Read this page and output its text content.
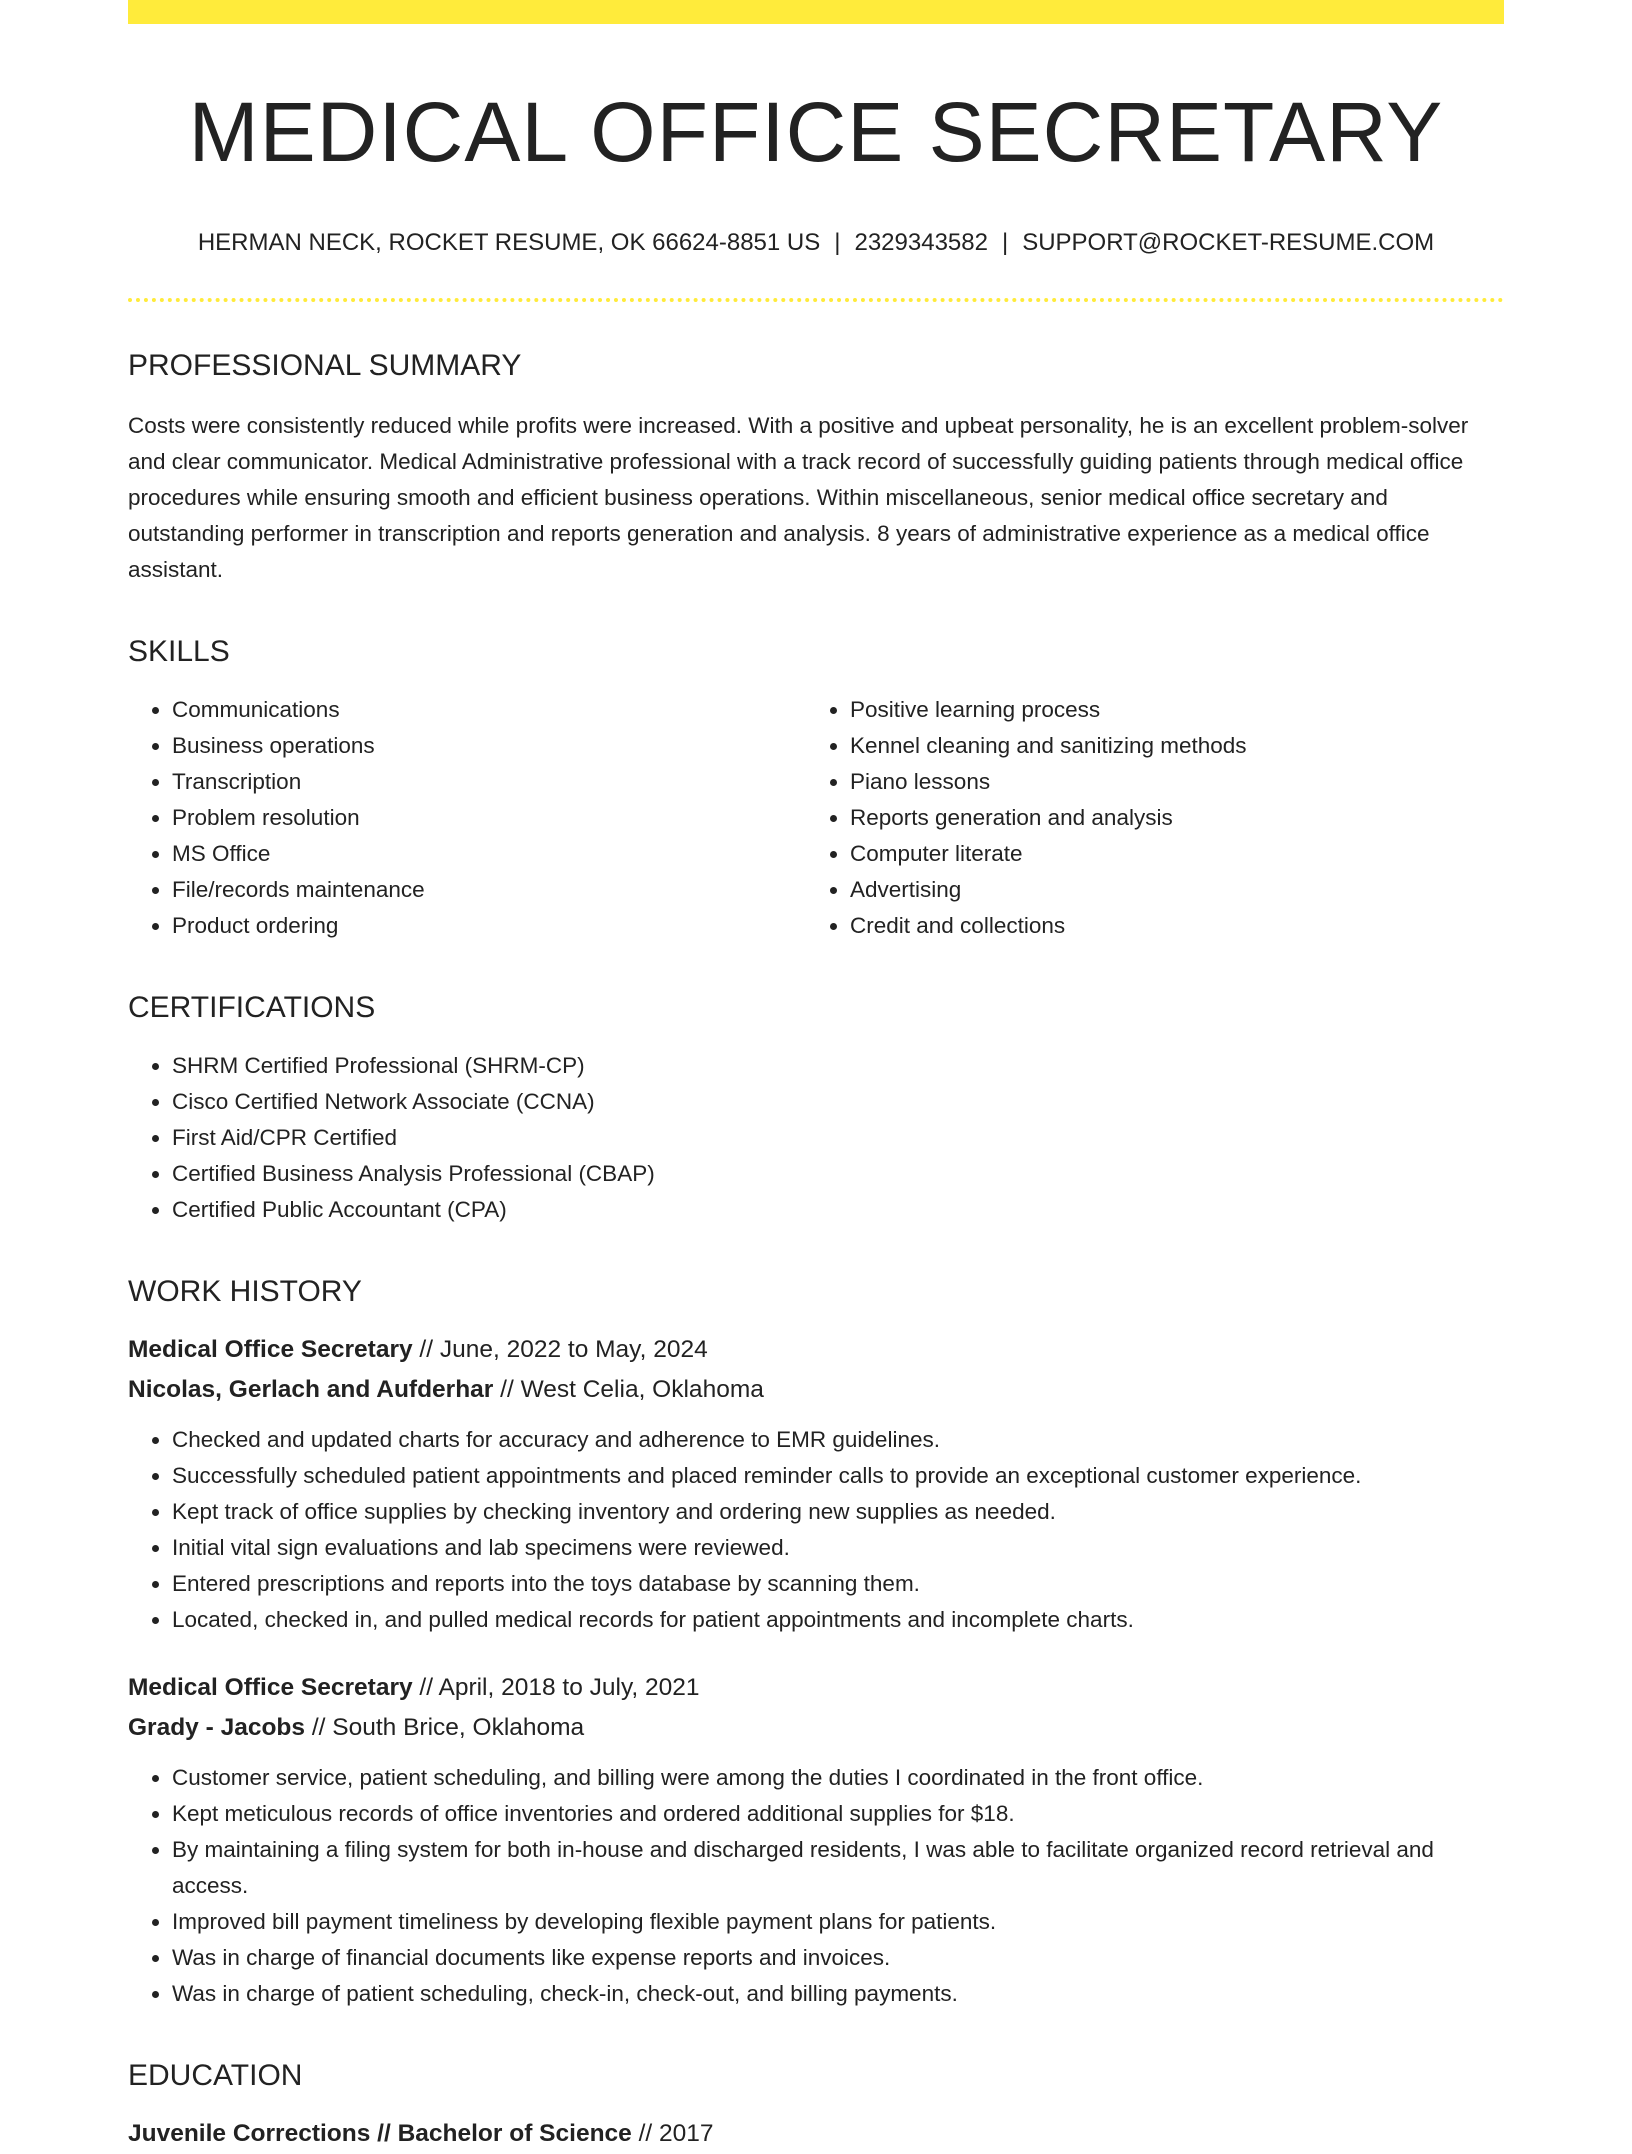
MEDICAL OFFICE SECRETARY
HERMAN NECK, ROCKET RESUME, OK 66624-8851 US | 2329343582 | SUPPORT@ROCKET-RESUME.COM
PROFESSIONAL SUMMARY
Costs were consistently reduced while profits were increased. With a positive and upbeat personality, he is an excellent problem-solver and clear communicator. Medical Administrative professional with a track record of successfully guiding patients through medical office procedures while ensuring smooth and efficient business operations. Within miscellaneous, senior medical office secretary and outstanding performer in transcription and reports generation and analysis. 8 years of administrative experience as a medical office assistant.
SKILLS
• Communications
• Business operations
• Transcription
• Problem resolution
• MS Office
• File/records maintenance
• Product ordering
• Positive learning process
• Kennel cleaning and sanitizing methods
• Piano lessons
• Reports generation and analysis
• Computer literate
• Advertising
• Credit and collections
CERTIFICATIONS
• SHRM Certified Professional (SHRM-CP)
• Cisco Certified Network Associate (CCNA)
• First Aid/CPR Certified
• Certified Business Analysis Professional (CBAP)
• Certified Public Accountant (CPA)
WORK HISTORY
Medical Office Secretary // June, 2022 to May, 2024
Nicolas, Gerlach and Aufderhar // West Celia, Oklahoma
• Checked and updated charts for accuracy and adherence to EMR guidelines.
• Successfully scheduled patient appointments and placed reminder calls to provide an exceptional customer experience.
• Kept track of office supplies by checking inventory and ordering new supplies as needed.
• Initial vital sign evaluations and lab specimens were reviewed.
• Entered prescriptions and reports into the toys database by scanning them.
• Located, checked in, and pulled medical records for patient appointments and incomplete charts.
Medical Office Secretary // April, 2018 to July, 2021
Grady - Jacobs // South Brice, Oklahoma
• Customer service, patient scheduling, and billing were among the duties I coordinated in the front office.
• Kept meticulous records of office inventories and ordered additional supplies for $18.
• By maintaining a filing system for both in-house and discharged residents, I was able to facilitate organized record retrieval and access.
• Improved bill payment timeliness by developing flexible payment plans for patients.
• Was in charge of financial documents like expense reports and invoices.
• Was in charge of patient scheduling, check-in, check-out, and billing payments.
EDUCATION
Juvenile Corrections // Bachelor of Science // 2017
